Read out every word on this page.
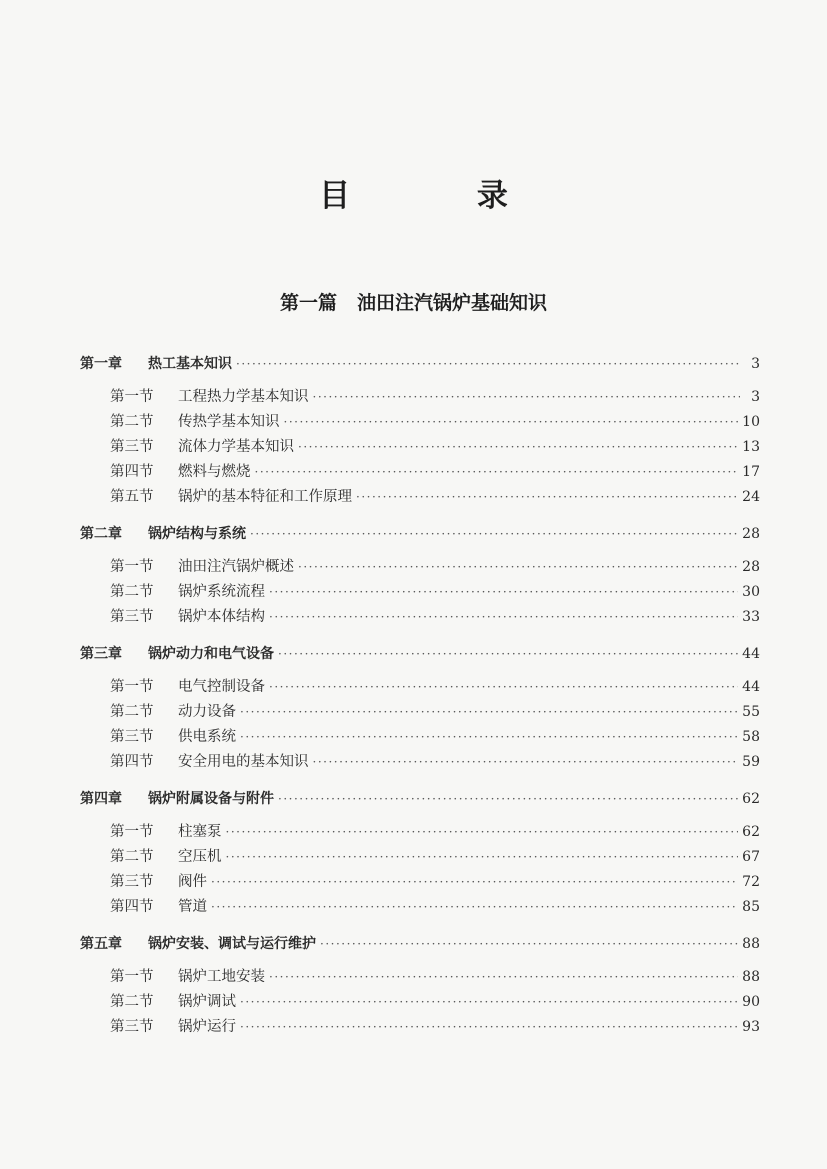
目 录
第一篇 油田注汽锅炉基础知识
第一章	热工基本知识 ·····	3
第一节	工程热力学基本知识 ·····	3
第二节	传热学基本知识 ·····	10
第三节	流体力学基本知识 ·····	13
第四节	燃料与燃烧 ·····	17
第五节	锅炉的基本特征和工作原理 ·····	24
第二章	锅炉结构与系统 ·····	28
第一节	油田注汽锅炉概述 ·····	28
第二节	锅炉系统流程 ·····	30
第三节	锅炉本体结构 ·····	33
第三章	锅炉动力和电气设备 ·····	44
第一节	电气控制设备 ·····	44
第二节	动力设备 ·····	55
第三节	供电系统 ·····	58
第四节	安全用电的基本知识 ·····	59
第四章	锅炉附属设备与附件 ·····	62
第一节	柱塞泵 ·····	62
第二节	空压机 ·····	67
第三节	阀件 ·····	72
第四节	管道 ·····	85
第五章	锅炉安装、调试与运行维护 ·····	88
第一节	锅炉工地安装 ·····	88
第二节	锅炉调试 ·····	90
第三节	锅炉运行 ·····	93
